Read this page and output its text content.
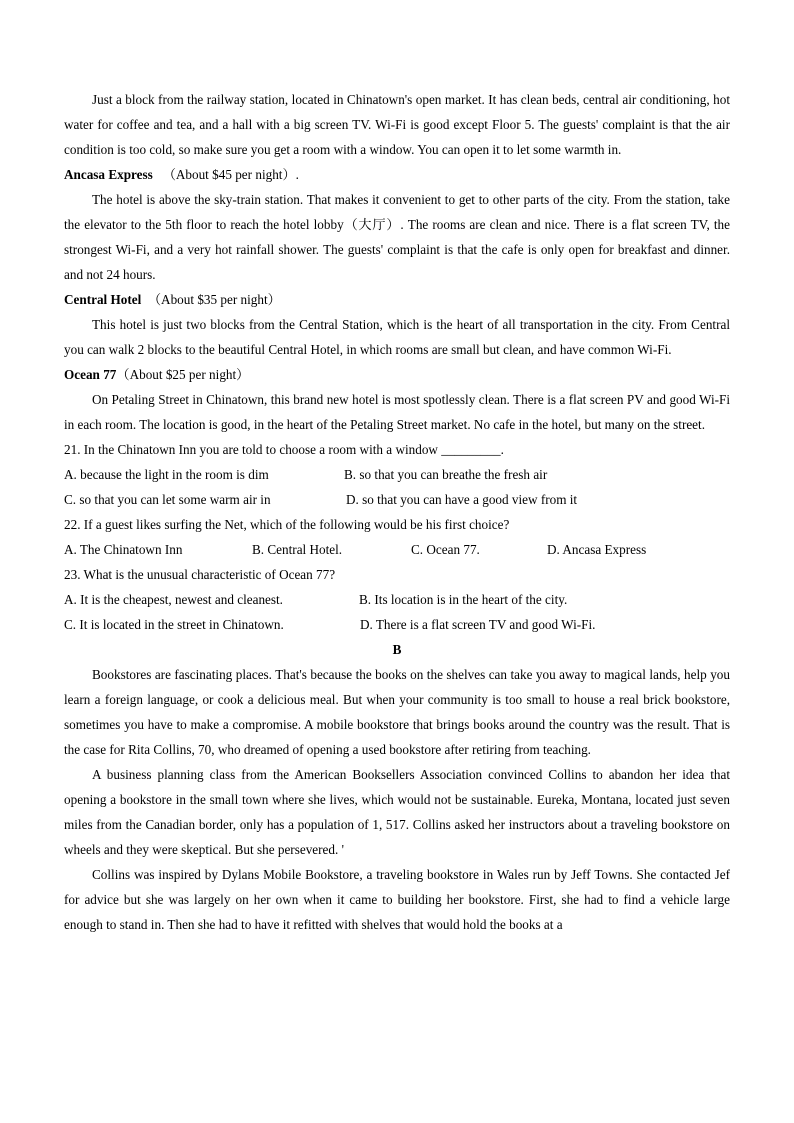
Just a block from the railway station, located in Chinatown's open market. It has clean beds, central air conditioning, hot water for coffee and tea, and a hall with a big screen TV. Wi-Fi is good except Floor 5. The guests' complaint is that the air condition is too cold, so make sure you get a room with a window. You can open it to let some warmth in.

Ancasa Express （About $45 per night）.

The hotel is above the sky-train station. That makes it convenient to get to other parts of the city. From the station, take the elevator to the 5th floor to reach the hotel lobby（大厅）. The rooms are clean and nice. There is a flat screen TV, the strongest Wi-Fi, and a very hot rainfall shower. The guests' complaint is that the cafe is only open for breakfast and dinner. and not 24 hours.

Central Hotel （About $35 per night）

This hotel is just two blocks from the Central Station, which is the heart of all transportation in the city. From Central you can walk 2 blocks to the beautiful Central Hotel, in which rooms are small but clean, and have common Wi-Fi.

Ocean 77（About $25 per night）

On Petaling Street in Chinatown, this brand new hotel is most spotlessly clean. There is a flat screen PV and good Wi-Fi in each room. The location is good, in the heart of the Petaling Street market. No cafe in the hotel, but many on the street.

21. In the Chinatown Inn you are told to choose a room with a window _________.

A. because the light in the room is dim	B. so that you can breathe the fresh air
C. so that you can let some warm air in	D. so that you can have a good view from it

22. If a guest likes surfing the Net, which of the following would be his first choice?

A. The Chinatown Inn	B. Central Hotel.	C. Ocean 77.	D. Ancasa Express

23. What is the unusual characteristic of Ocean 77?

A. It is the cheapest, newest and cleanest.	B. Its location is in the heart of the city.
C. It is located in the street in Chinatown.	D. There is a flat screen TV and good Wi-Fi.

B

Bookstores are fascinating places. That's because the books on the shelves can take you away to magical lands, help you learn a foreign language, or cook a delicious meal. But when your community is too small to house a real brick bookstore, sometimes you have to make a compromise. A mobile bookstore that brings books around the country was the result. That is the case for Rita Collins, 70, who dreamed of opening a used bookstore after retiring from teaching.

A business planning class from the American Booksellers Association convinced Collins to abandon her idea that opening a bookstore in the small town where she lives, which would not be sustainable. Eureka, Montana, located just seven miles from the Canadian border, only has a population of 1, 517. Collins asked her instructors about a traveling bookstore on wheels and they were skeptical. But she persevered. '

Collins was inspired by Dylans Mobile Bookstore, a traveling bookstore in Wales run by Jeff Towns. She contacted Jef for advice but she was largely on her own when it came to building her bookstore. First, she had to find a vehicle large enough to stand in. Then she had to have it refitted with shelves that would hold the books at a
